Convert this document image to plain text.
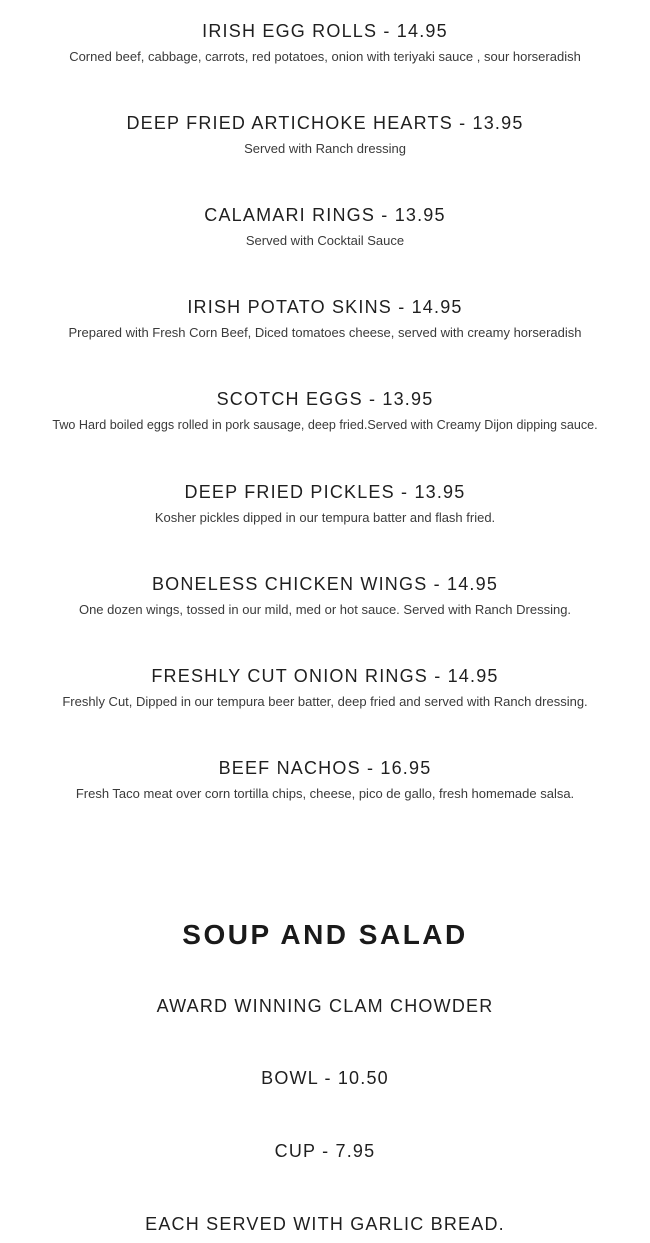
IRISH EGG ROLLS - 14.95
Corned beef, cabbage, carrots, red potatoes, onion with teriyaki sauce , sour horseradish
DEEP FRIED ARTICHOKE HEARTS - 13.95
Served with Ranch dressing
CALAMARI RINGS - 13.95
Served with Cocktail Sauce
IRISH POTATO SKINS - 14.95
Prepared with Fresh Corn Beef, Diced tomatoes cheese, served with creamy horseradish
SCOTCH EGGS - 13.95
Two Hard boiled eggs rolled in pork sausage, deep fried.Served with Creamy Dijon dipping sauce.
DEEP FRIED PICKLES - 13.95
Kosher pickles dipped in our tempura batter and flash fried.
BONELESS CHICKEN WINGS - 14.95
One dozen wings, tossed in our mild, med or hot sauce. Served with Ranch Dressing.
FRESHLY CUT ONION RINGS - 14.95
Freshly Cut, Dipped in our tempura beer batter, deep fried and served with Ranch dressing.
BEEF NACHOS - 16.95
Fresh Taco meat over corn tortilla chips, cheese, pico de gallo, fresh homemade salsa.
SOUP AND SALAD
AWARD WINNING CLAM CHOWDER
BOWL - 10.50
CUP - 7.95
EACH SERVED WITH GARLIC BREAD.
